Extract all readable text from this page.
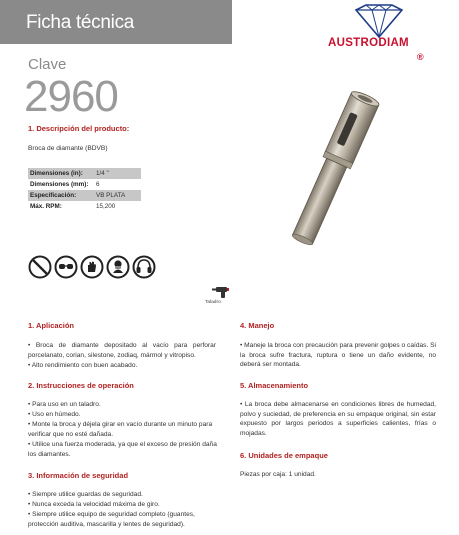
Ficha técnica
AUSTRODIAM
®
Clave
2960
1. Descripción del producto:
Broca de diamante (BDVB)
Dimensiones (in):	1/4 "
Dimensiones (mm):	6
Especificación:	VB PLATA
Máx. RPM:	15,200
Taladro
1. Aplicación
• Broca de diamante depositado al vacío para perforar porcelanato, corian, silestone, zodiaq, mármol y vitropiso.
• Alto rendimiento con buen acabado.
2. Instrucciones de operación
• Para uso en un taladro.
• Uso en húmedo.
• Monte la broca y déjela girar en vacío durante un minuto para verificar que no esté dañada.
• Utilice una fuerza moderada, ya que el exceso de presión daña los diamantes.
3. Información de seguridad
• Siempre utilice guardas de seguridad.
• Nunca exceda la velocidad máxima de giro.
• Siempre utilice equipo de seguridad completo (guantes, protección auditiva, mascarilla y lentes de seguridad).
4. Manejo
• Maneje la broca con precaución para prevenir golpes o caídas. Si la broca sufre fractura, ruptura o tiene un daño evidente, no deberá ser montada.
5. Almacenamiento
• La broca debe almacenarse en condiciones libres de humedad, polvo y suciedad, de preferencia en su empaque original, sin estar expuesto por largos periodos a superficies calientes, frías o mojadas.
6. Unidades de empaque
Piezas por caja: 1 unidad.
